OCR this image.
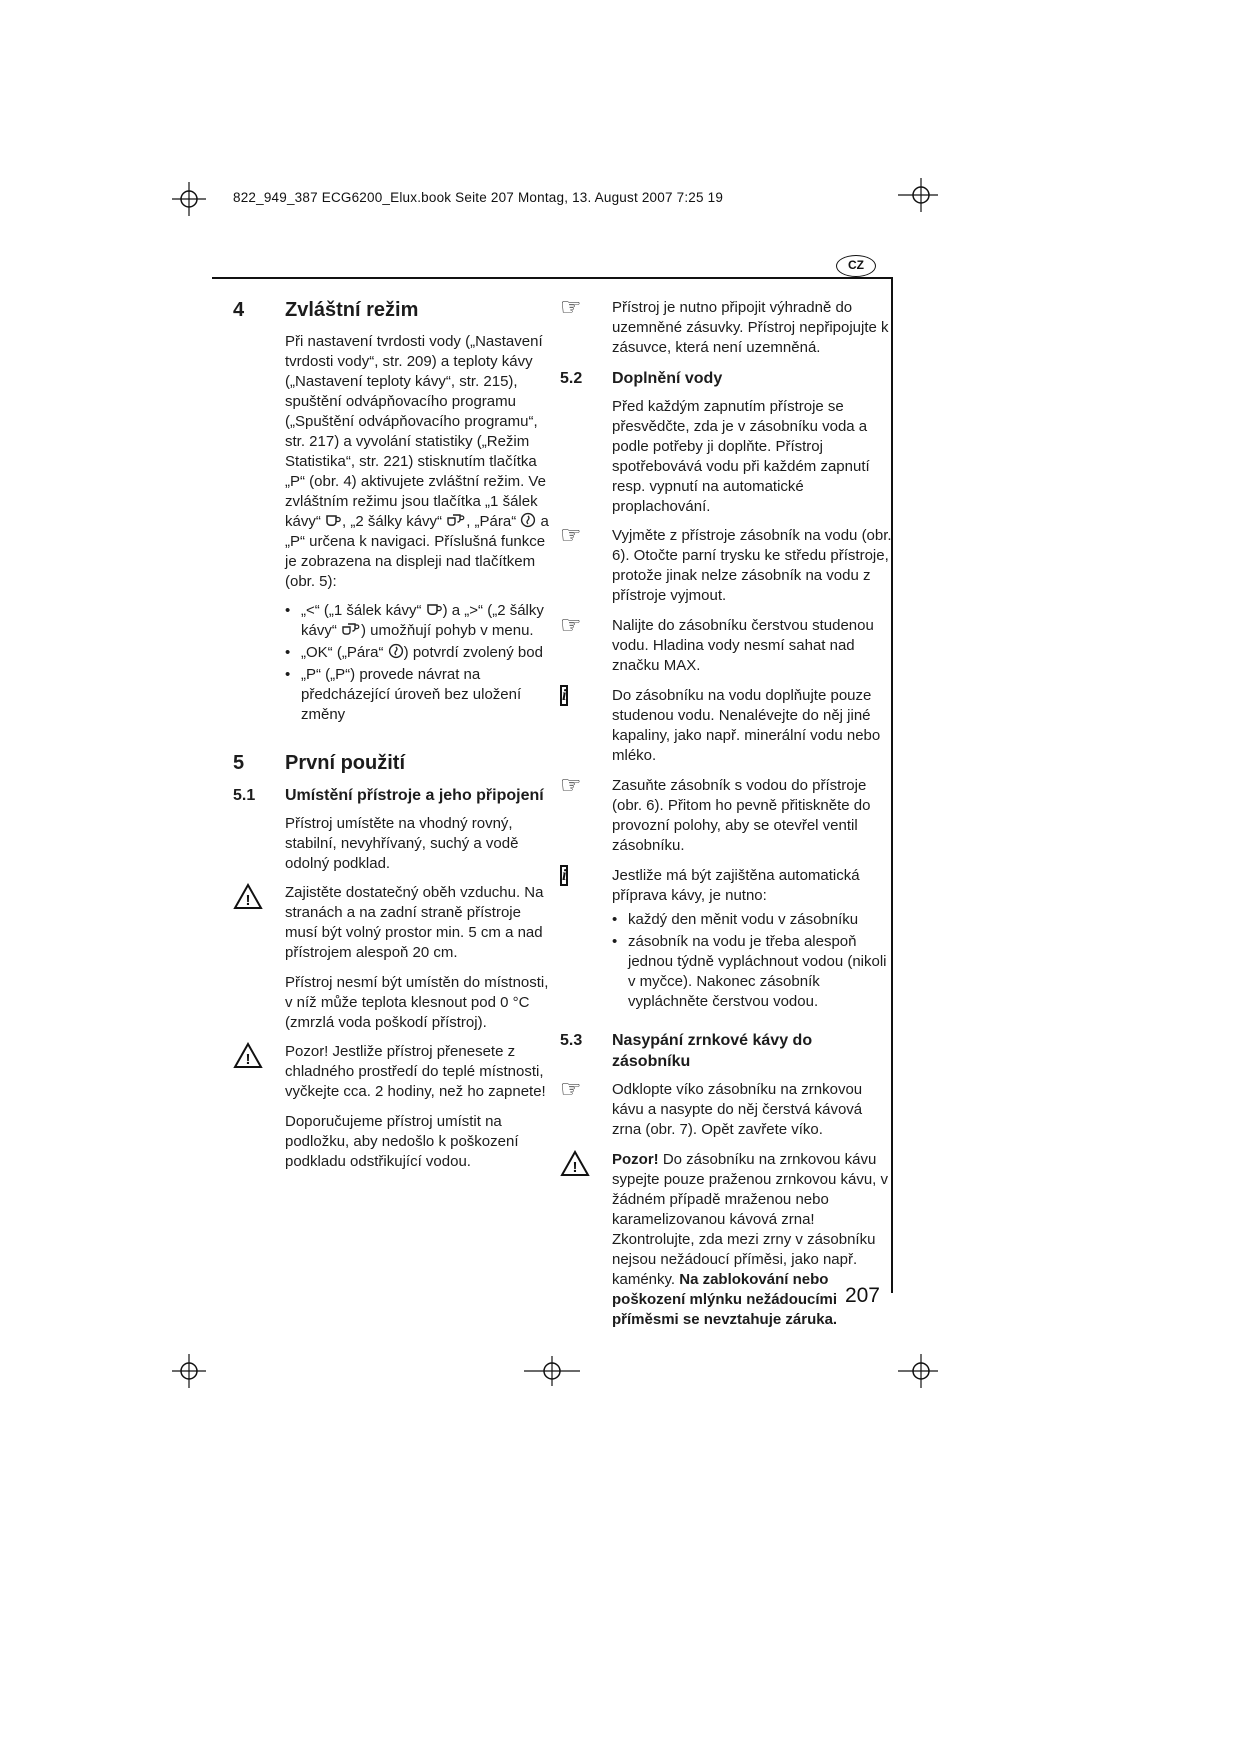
822_949_387 ECG6200_Elux.book Seite 207 Montag, 13. August 2007 7:25 19
CZ
4	Zvláštní režim
Při nastavení tvrdosti vody („Nastavení tvrdosti vody“, str. 209) a teploty kávy („Nastavení teploty kávy“, str. 215), spuštění odvápňovacího programu („Spuštění odvápňovacího programu“, str. 217) a vyvolání statistiky („Režim Statistika“, str. 221) stisknutím tlačítka „P“ (obr. 4) aktivujete zvláštní režim. Ve zvláštním režimu jsou tlačítka „1 šálek kávy“ , „2 šálky kávy“ , „Pára“  a „P“ určena k navigaci. Příslušná funkce je zobrazena na displeji nad tlačítkem (obr. 5):
• „<“ („1 šálek kávy“ ) a „>“ („2 šálky kávy“ ) umožňují pohyb v menu.
• „OK“ („Pára“ ) potvrdí zvolený bod
• „P“ („P“) provede návrat na předcházející úroveň bez uložení změny
5	První použití
5.1	Umístění přístroje a jeho připojení
Přístroj umístěte na vhodný rovný, stabilní, nevyhřívaný, suchý a vodě odolný podklad.
! Zajistěte dostatečný oběh vzduchu. Na stranách a na zadní straně přístroje musí být volný prostor min. 5 cm a nad přístrojem alespoň 20 cm.
Přístroj nesmí být umístěn do místnosti, v níž může teplota klesnout pod 0 °C (zmrzlá voda poškodí přístroj).
! Pozor! Jestliže přístroj přenesete z chladného prostředí do teplé místnosti, vyčkejte cca. 2 hodiny, než ho zapnete!
Doporučujeme přístroj umístit na podložku, aby nedošlo k poškození podkladu odstřikující vodou.
☞	Přístroj je nutno připojit výhradně do uzemněné zásuvky. Přístroj nepřipojujte k zásuvce, která není uzemněná.
5.2	Doplnění vody
Před každým zapnutím přístroje se přesvědčte, zda je v zásobníku voda a podle potřeby ji doplňte. Přístroj spotřebovává vodu při každém zapnutí resp. vypnutí na automatické proplachování.
☞	Vyjměte z přístroje zásobník na vodu (obr. 6). Otočte parní trysku ke středu přístroje, protože jinak nelze zásobník na vodu z přístroje vyjmout.
☞	Nalijte do zásobníku čerstvou studenou vodu. Hladina vody nesmí sahat nad značku MAX.
i	Do zásobníku na vodu doplňujte pouze studenou vodu. Nenalévejte do něj jiné kapaliny, jako např. minerální vodu nebo mléko.
☞	Zasuňte zásobník s vodou do přístroje (obr. 6). Přitom ho pevně přitiskněte do provozní polohy, aby se otevřel ventil zásobníku.
i	Jestliže má být zajištěna automatická příprava kávy, je nutno:
• každý den měnit vodu v zásobníku
• zásobník na vodu je třeba alespoň jednou týdně vypláchnout vodou (nikoli v myčce). Nakonec zásobník vypláchněte čerstvou vodou.
5.3	Nasypání zrnkové kávy do zásobníku
☞	Odklopte víko zásobníku na zrnkovou kávu a nasypte do něj čerstvá kávová zrna (obr. 7). Opět zavřete víko.
! Pozor! Do zásobníku na zrnkovou kávu sypejte pouze praženou zrnkovou kávu, v žádném případě mraženou nebo karamelizovanou kávová zrna! Zkontrolujte, zda mezi zrny v zásobníku nejsou nežádoucí příměsi, jako např. kaménky. Na zablokování nebo poškození mlýnku nežádoucími příměsmi se nevztahuje záruka.
207
